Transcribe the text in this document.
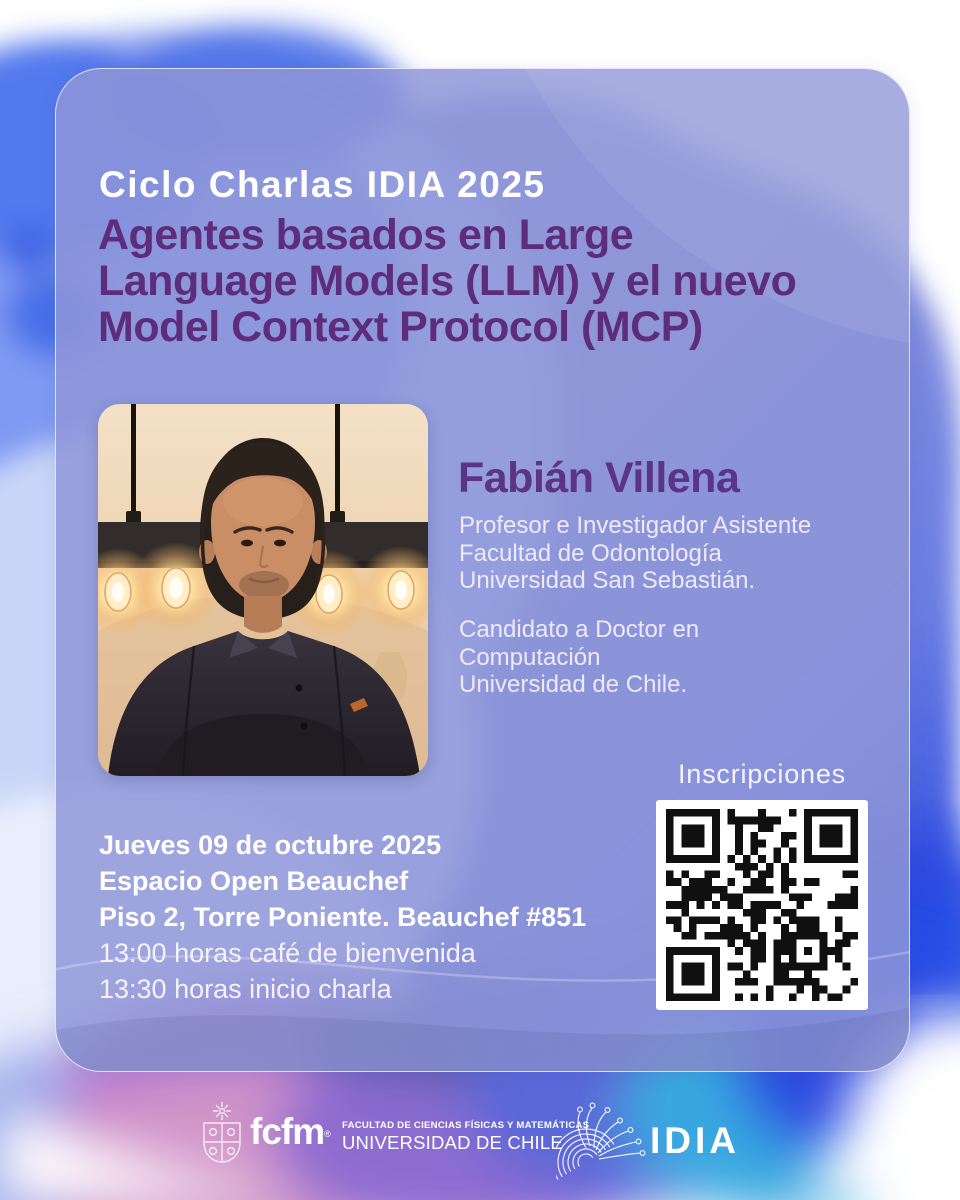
Ciclo Charlas IDIA 2025
Agentes basados en Large
Language Models (LLM) y el nuevo
Model Context Protocol (MCP)
Fabián Villena
Profesor e Investigador Asistente
Facultad de Odontología
Universidad San Sebastián.
Candidato a Doctor en
Computación
Universidad de Chile.
Inscripciones
Jueves 09 de octubre 2025
Espacio Open Beauchef
Piso 2, Torre Poniente. Beauchef #851
13:00 horas café de bienvenida
13:30 horas inicio charla
fcfm®
FACULTAD DE CIENCIAS FÍSICAS Y MATEMÁTICAS
UNIVERSIDAD DE CHILE	IDIA
